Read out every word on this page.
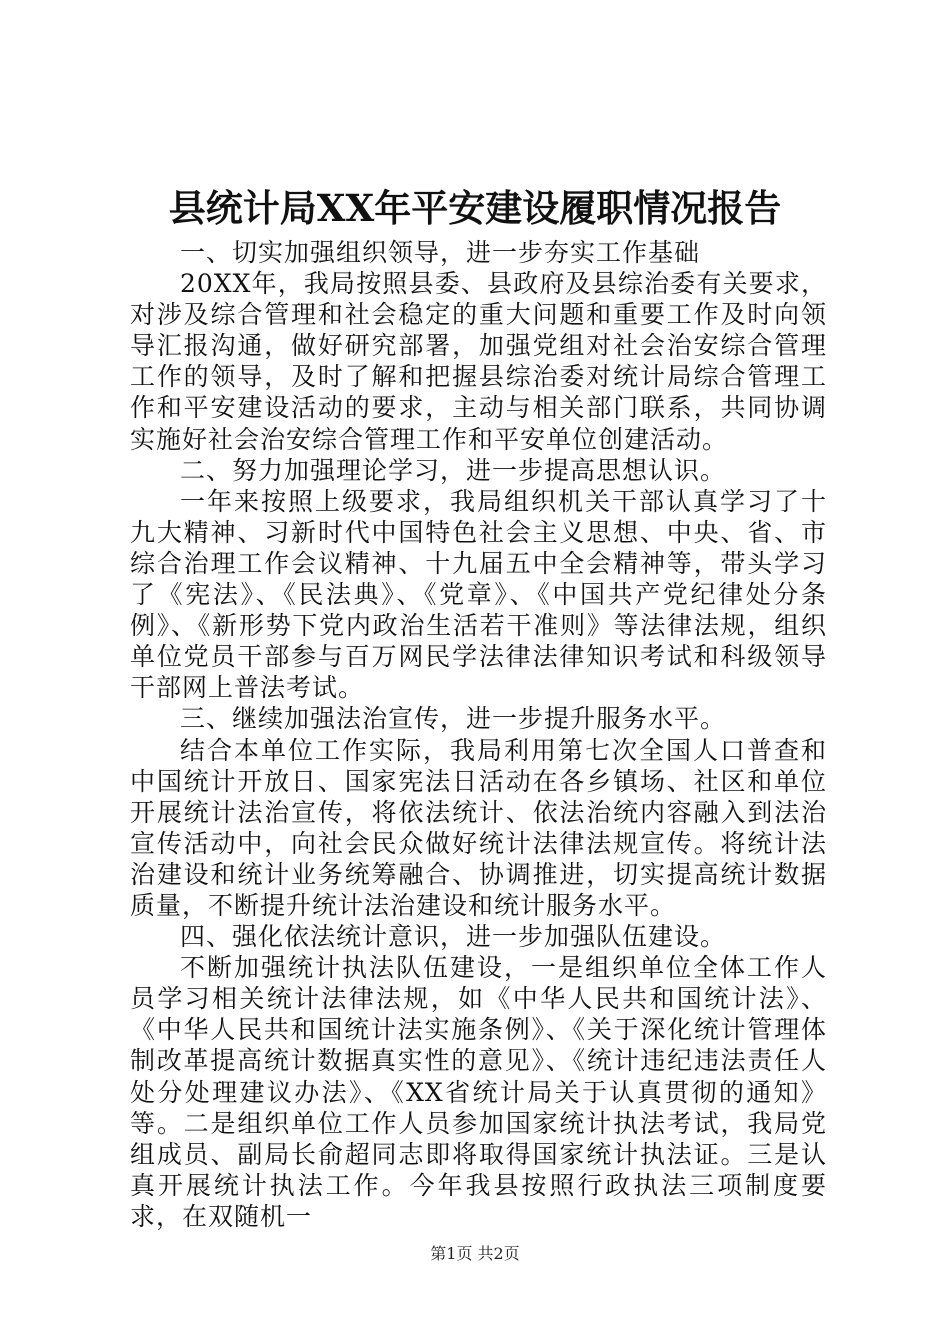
县统计局XX年平安建设履职情况报告

一、切实加强组织领导，进一步夯实工作基础

20XX年，我局按照县委、县政府及县综治委有关要求，对涉及综合管理和社会稳定的重大问题和重要工作及时向领导汇报沟通，做好研究部署，加强党组对社会治安综合管理工作的领导，及时了解和把握县综治委对统计局综合管理工作和平安建设活动的要求，主动与相关部门联系，共同协调实施好社会治安综合管理工作和平安单位创建活动。

二、努力加强理论学习，进一步提高思想认识。

一年来按照上级要求，我局组织机关干部认真学习了十九大精神、习新时代中国特色社会主义思想、中央、省、市综合治理工作会议精神、十九届五中全会精神等，带头学习了《宪法》、《民法典》、《党章》、《中国共产党纪律处分条例》、《新形势下党内政治生活若干准则》等法律法规，组织单位党员干部参与百万网民学法律法律知识考试和科级领导干部网上普法考试。

三、继续加强法治宣传，进一步提升服务水平。

结合本单位工作实际，我局利用第七次全国人口普查和中国统计开放日、国家宪法日活动在各乡镇场、社区和单位开展统计法治宣传，将依法统计、依法治统内容融入到法治宣传活动中，向社会民众做好统计法律法规宣传。将统计法治建设和统计业务统筹融合、协调推进，切实提高统计数据质量，不断提升统计法治建设和统计服务水平。

四、强化依法统计意识，进一步加强队伍建设。

不断加强统计执法队伍建设，一是组织单位全体工作人员学习相关统计法律法规，如《中华人民共和国统计法》、《中华人民共和国统计法实施条例》、《关于深化统计管理体制改革提高统计数据真实性的意见》、《统计违纪违法责任人处分处理建议办法》、《XX省统计局关于认真贯彻的通知》等。二是组织单位工作人员参加国家统计执法考试，我局党组成员、副局长俞超同志即将取得国家统计执法证。三是认真开展统计执法工作。今年我县按照行政执法三项制度要求，在双随机一

第1页 共2页
